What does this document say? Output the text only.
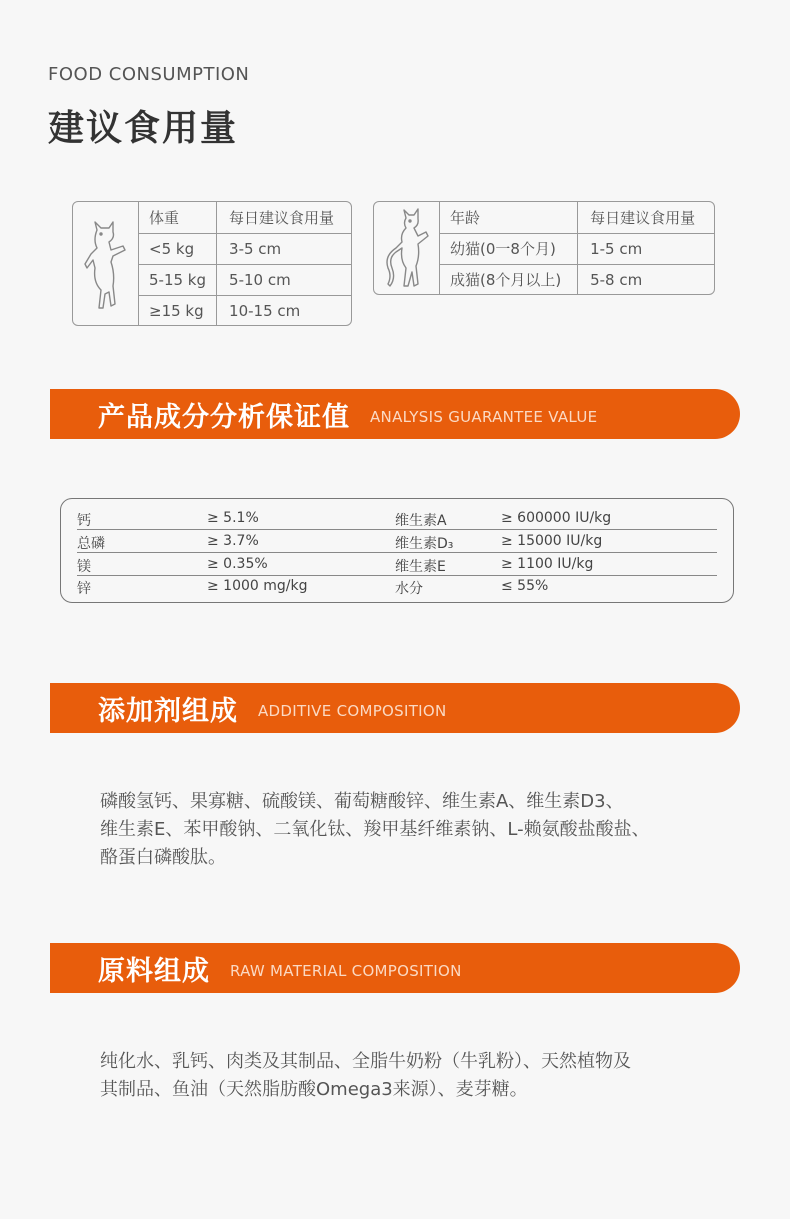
FOOD CONSUMPTION
建议食用量
体重	每日建议食用量
<5 kg	3-5 cm
5-15 kg	5-10 cm
≥15 kg	10-15 cm
年龄	每日建议食用量
幼猫(0一8个月)	1-5 cm
成猫(8个月以上)	5-8 cm
产品成分分析保证值 ANALYSIS GUARANTEE VALUE
钙	≥ 5.1%	维生素A	≥ 600000 IU/kg
总磷	≥ 3.7%	维生素D₃	≥ 15000 IU/kg
镁	≥ 0.35%	维生素E	≥ 1100 IU/kg
锌	≥ 1000 mg/kg	水分	≤ 55%
添加剂组成 ADDITIVE COMPOSITION
磷酸氢钙、果寡糖、硫酸镁、葡萄糖酸锌、维生素A、维生素D3、
维生素E、苯甲酸钠、二氧化钛、羧甲基纤维素钠、L-赖氨酸盐酸盐、
酪蛋白磷酸肽。
原料组成 RAW MATERIAL COMPOSITION
纯化水、乳钙、肉类及其制品、全脂牛奶粉（牛乳粉）、天然植物及
其制品、鱼油（天然脂肪酸Omega3来源）、麦芽糖。
